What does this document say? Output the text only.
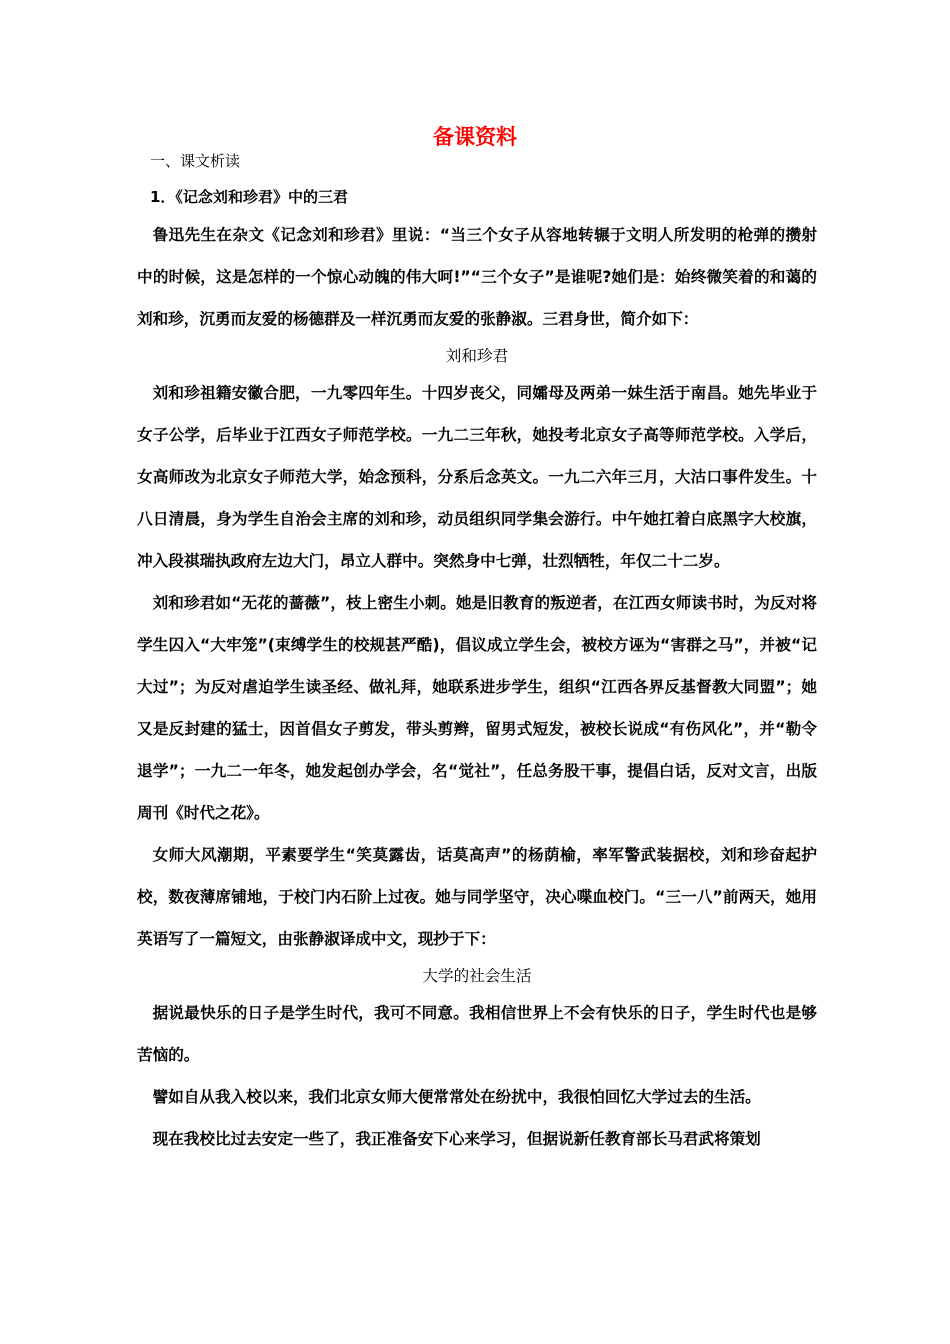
备课资料
一、课文析读
1．《记念刘和珍君》中的三君

鲁迅先生在杂文《记念刘和珍君》里说：“当三个女子从容地转辗于文明人所发明的枪弹的攒射中的时候，这是怎样的一个惊心动魄的伟大呵!”“三个女子”是谁呢?她们是：始终微笑着的和蔼的刘和珍，沉勇而友爱的杨德群及一样沉勇而友爱的张静淑。三君身世，简介如下：

刘和珍君

刘和珍祖籍安徽合肥，一九零四年生。十四岁丧父，同孀母及两弟一妹生活于南昌。她先毕业于女子公学，后毕业于江西女子师范学校。一九二三年秋，她投考北京女子高等师范学校。入学后，女高师改为北京女子师范大学，始念预科，分系后念英文。一九二六年三月，大沽口事件发生。十八日清晨，身为学生自治会主席的刘和珍，动员组织同学集会游行。中午她扛着白底黑字大校旗，冲入段祺瑞执政府左边大门，昂立人群中。突然身中七弹，壮烈牺牲，年仅二十二岁。

刘和珍君如“无花的蔷薇”，枝上密生小刺。她是旧教育的叛逆者，在江西女师读书时，为反对将学生囚入“大牢笼”(束缚学生的校规甚严酷)，倡议成立学生会，被校方诬为“害群之马”，并被“记大过”；为反对虐迫学生读圣经、做礼拜，她联系进步学生，组织“江西各界反基督教大同盟”；她又是反封建的猛士，因首倡女子剪发，带头剪辫，留男式短发，被校长说成“有伤风化”，并“勒令退学”；一九二一年冬，她发起创办学会，名“觉社”，任总务股干事，提倡白话，反对文言，出版周刊《时代之花》。

女师大风潮期，平素要学生“笑莫露齿，话莫高声”的杨荫榆，率军警武装据校，刘和珍奋起护校，数夜薄席铺地，于校门内石阶上过夜。她与同学坚守，决心喋血校门。“三一八”前两天，她用英语写了一篇短文，由张静淑译成中文，现抄于下：

大学的社会生活

据说最快乐的日子是学生时代，我可不同意。我相信世界上不会有快乐的日子，学生时代也是够苦恼的。

譬如自从我入校以来，我们北京女师大便常常处在纷扰中，我很怕回忆大学过去的生活。

现在我校比过去安定一些了，我正准备安下心来学习，但据说新任教育部长马君武将策划
